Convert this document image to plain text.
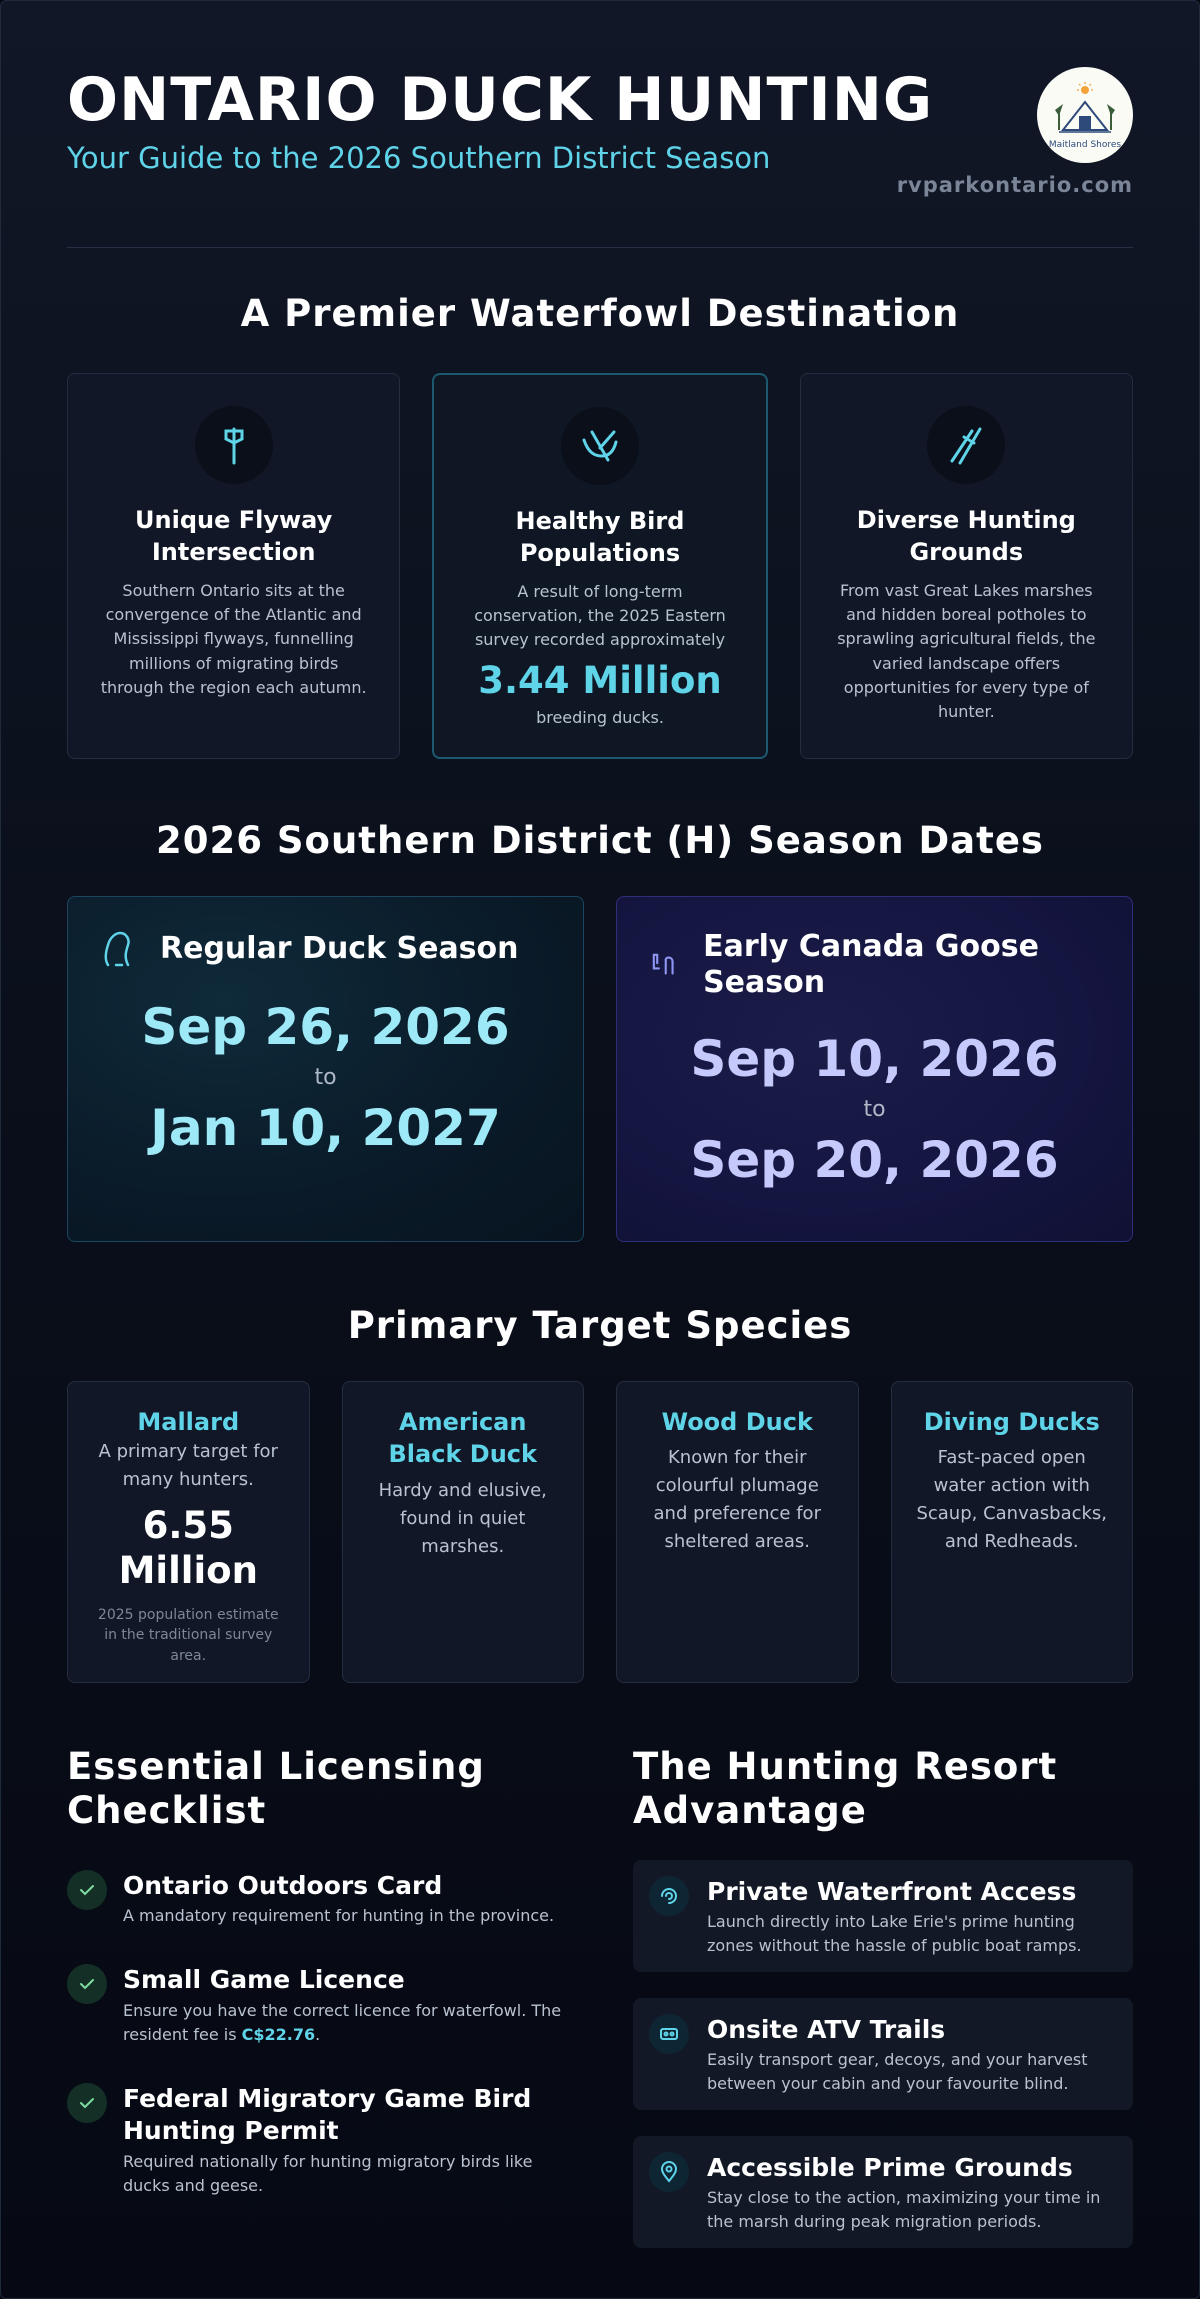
ONTARIO DUCK HUNTING
Your Guide to the 2026 Southern District Season	Maitland Shores
rvparkontario.com
A Premier Waterfowl Destination
Unique Flyway Intersection
Southern Ontario sits at the convergence of the Atlantic and Mississippi flyways, funnelling millions of migrating birds through the region each autumn.
Healthy Bird Populations
A result of long-term conservation, the 2025 Eastern survey recorded approximately
3.44 Million
breeding ducks.
Diverse Hunting Grounds
From vast Great Lakes marshes and hidden boreal potholes to sprawling agricultural fields, the varied landscape offers opportunities for every type of hunter.
2026 Southern District (H) Season Dates
Regular Duck Season
Sep 26, 2026
to
Jan 10, 2027
Early Canada Goose Season
Sep 10, 2026
to
Sep 20, 2026
Primary Target Species
Mallard
A primary target for many hunters.
6.55 Million
2025 population estimate in the traditional survey area.
American Black Duck
Hardy and elusive, found in quiet marshes.
Wood Duck
Known for their colourful plumage and preference for sheltered areas.
Diving Ducks
Fast-paced open water action with Scaup, Canvasbacks, and Redheads.
Essential Licensing Checklist
Ontario Outdoors Card
A mandatory requirement for hunting in the province.
Small Game Licence
Ensure you have the correct licence for waterfowl. The resident fee is C$22.76.
Federal Migratory Game Bird Hunting Permit
Required nationally for hunting migratory birds like ducks and geese.
The Hunting Resort Advantage
Private Waterfront Access
Launch directly into Lake Erie's prime hunting zones without the hassle of public boat ramps.
Onsite ATV Trails
Easily transport gear, decoys, and your harvest between your cabin and your favourite blind.
Accessible Prime Grounds
Stay close to the action, maximizing your time in the marsh during peak migration periods.
